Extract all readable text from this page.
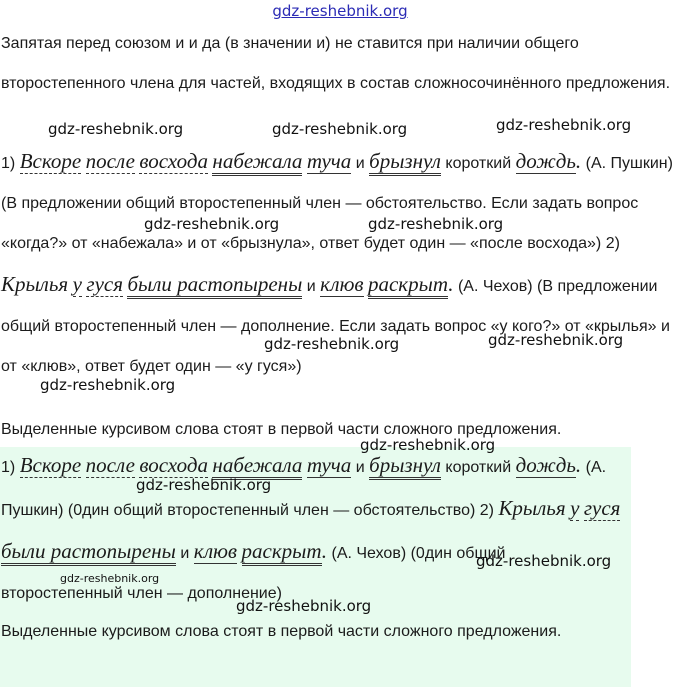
gdz-reshebnik.org

Запятая перед союзом и и да (в значении и) не ставится при наличии общего второстепенного члена для частей, входящих в состав сложносочинённого предложения.

1) Вскоре после восхода набежала туча и брызнул короткий дождь. (А. Пушкин) (В предложении общий второстепенный член — обстоятельство. Если задать вопрос «когда?» от «набежала» и от «брызнула», ответ будет один — «после восхода») 2) Крылья у гуся были растопырены и клюв раскрыт. (А. Чехов) (В предложении общий второстепенный член — дополнение. Если задать вопрос «у кого?» от «крылья» и от «клюв», ответ будет один — «у гуся»)

Выделенные курсивом слова стоят в первой части сложного предложения.

1) Вскоре после восхода набежала туча и брызнул короткий дождь. (А. Пушкин) (0дин общий второстепенный член — обстоятельство) 2) Крылья у гуся были растопырены и клюв раскрыт. (А. Чехов) (0дин общий второстепенный член — дополнение)

Выделенные курсивом слова стоят в первой части сложного предложения.

gdz-reshebnik.org	gdz-reshebnik.org	gdz-reshebnik.org
gdz-reshebnik.org	gdz-reshebnik.org
gdz-reshebnik.org	gdz-reshebnik.org
gdz-reshebnik.org
gdz-reshebnik.org
gdz-reshebnik.org
gdz-reshebnik.org
gdz-reshebnik.org
gdz-reshebnik.org
